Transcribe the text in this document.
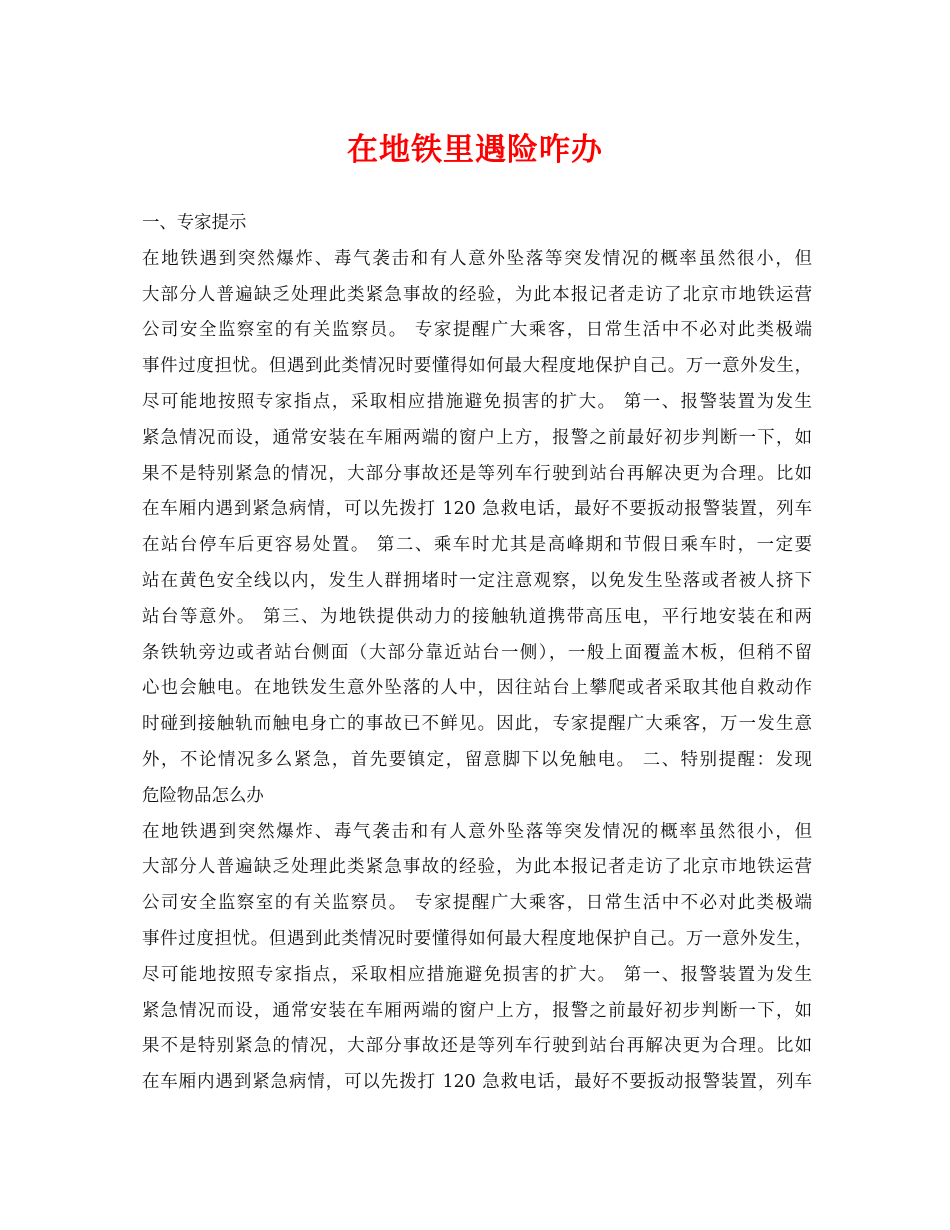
在地铁里遇险咋办
一、专家提示
在地铁遇到突然爆炸、毒气袭击和有人意外坠落等突发情况的概率虽然很小，但
大部分人普遍缺乏处理此类紧急事故的经验，为此本报记者走访了北京市地铁运营
公司安全监察室的有关监察员。 专家提醒广大乘客，日常生活中不必对此类极端
事件过度担忧。但遇到此类情况时要懂得如何最大程度地保护自己。万一意外发生，
尽可能地按照专家指点，采取相应措施避免损害的扩大。 第一、报警装置为发生
紧急情况而设，通常安装在车厢两端的窗户上方，报警之前最好初步判断一下，如
果不是特别紧急的情况，大部分事故还是等列车行驶到站台再解决更为合理。比如
在车厢内遇到紧急病情，可以先拨打 120 急救电话，最好不要扳动报警装置，列车
在站台停车后更容易处置。 第二、乘车时尤其是高峰期和节假日乘车时，一定要
站在黄色安全线以内，发生人群拥堵时一定注意观察，以免发生坠落或者被人挤下
站台等意外。 第三、为地铁提供动力的接触轨道携带高压电，平行地安装在和两
条铁轨旁边或者站台侧面（大部分靠近站台一侧），一般上面覆盖木板，但稍不留
心也会触电。在地铁发生意外坠落的人中，因往站台上攀爬或者采取其他自救动作
时碰到接触轨而触电身亡的事故已不鲜见。因此，专家提醒广大乘客，万一发生意
外，不论情况多么紧急，首先要镇定，留意脚下以免触电。 二、特别提醒：发现
危险物品怎么办
在地铁遇到突然爆炸、毒气袭击和有人意外坠落等突发情况的概率虽然很小，但
大部分人普遍缺乏处理此类紧急事故的经验，为此本报记者走访了北京市地铁运营
公司安全监察室的有关监察员。 专家提醒广大乘客，日常生活中不必对此类极端
事件过度担忧。但遇到此类情况时要懂得如何最大程度地保护自己。万一意外发生，
尽可能地按照专家指点，采取相应措施避免损害的扩大。 第一、报警装置为发生
紧急情况而设，通常安装在车厢两端的窗户上方，报警之前最好初步判断一下，如
果不是特别紧急的情况，大部分事故还是等列车行驶到站台再解决更为合理。比如
在车厢内遇到紧急病情，可以先拨打 120 急救电话，最好不要扳动报警装置，列车
